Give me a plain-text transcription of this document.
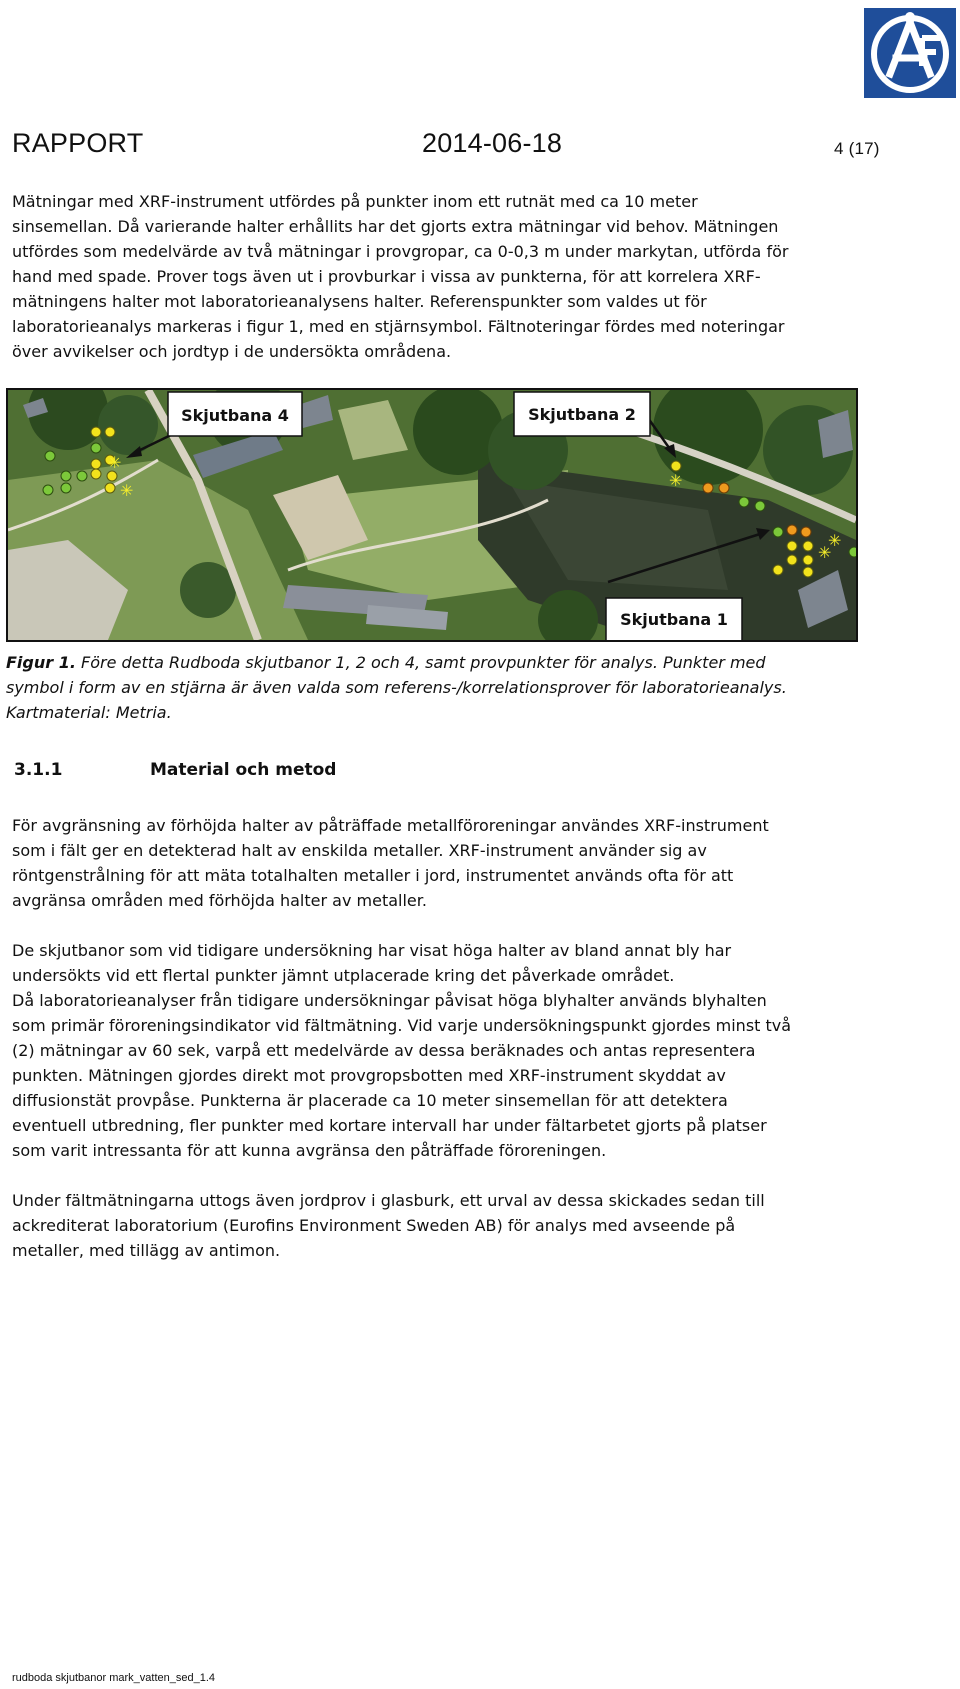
RAPPORT	2014-06-18	4 (17)

Mätningar med XRF-instrument utfördes på punkter inom ett rutnät med ca 10 meter
sinsemellan. Då varierande halter erhållits har det gjorts extra mätningar vid behov. Mätningen
utfördes som medelvärde av två mätningar i provgropar, ca 0-0,3 m under markytan, utförda för
hand med spade. Prover togs även ut i provburkar i vissa av punkterna, för att korrelera XRF-
mätningens halter mot laboratorieanalysens halter. Referenspunkter som valdes ut för
laboratorieanalys markeras i figur 1, med en stjärnsymbol. Fältnoteringar fördes med noteringar
över avvikelser och jordtyp i de undersökta områdena.

✳
✳
✳
✳
✳
Skjutbana 4	Skjutbana 2
Skjutbana 1

Figur 1. Före detta Rudboda skjutbanor 1, 2 och 4, samt provpunkter för analys. Punkter med
symbol i form av en stjärna är även valda som referens-/korrelationsprover för laboratorieanalys.
Kartmaterial: Metria.

3.1.1	Material och metod

För avgränsning av förhöjda halter av påträffade metallföroreningar användes XRF-instrument
som i fält ger en detekterad halt av enskilda metaller. XRF-instrument använder sig av
röntgenstrålning för att mäta totalhalten metaller i jord, instrumentet används ofta för att
avgränsa områden med förhöjda halter av metaller.

De skjutbanor som vid tidigare undersökning har visat höga halter av bland annat bly har
undersökts vid ett flertal punkter jämnt utplacerade kring det påverkade området.
Då laboratorieanalyser från tidigare undersökningar påvisat höga blyhalter används blyhalten
som primär föroreningsindikator vid fältmätning. Vid varje undersökningspunkt gjordes minst två
(2) mätningar av 60 sek, varpå ett medelvärde av dessa beräknades och antas representera
punkten. Mätningen gjordes direkt mot provgropsbotten med XRF-instrument skyddat av
diffusionstät provpåse. Punkterna är placerade ca 10 meter sinsemellan för att detektera
eventuell utbredning, fler punkter med kortare intervall har under fältarbetet gjorts på platser
som varit intressanta för att kunna avgränsa den påträffade föroreningen.

Under fältmätningarna uttogs även jordprov i glasburk, ett urval av dessa skickades sedan till
ackrediterat laboratorium (Eurofins Environment Sweden AB) för analys med avseende på
metaller, med tillägg av antimon.

rudboda skjutbanor mark_vatten_sed_1.4
